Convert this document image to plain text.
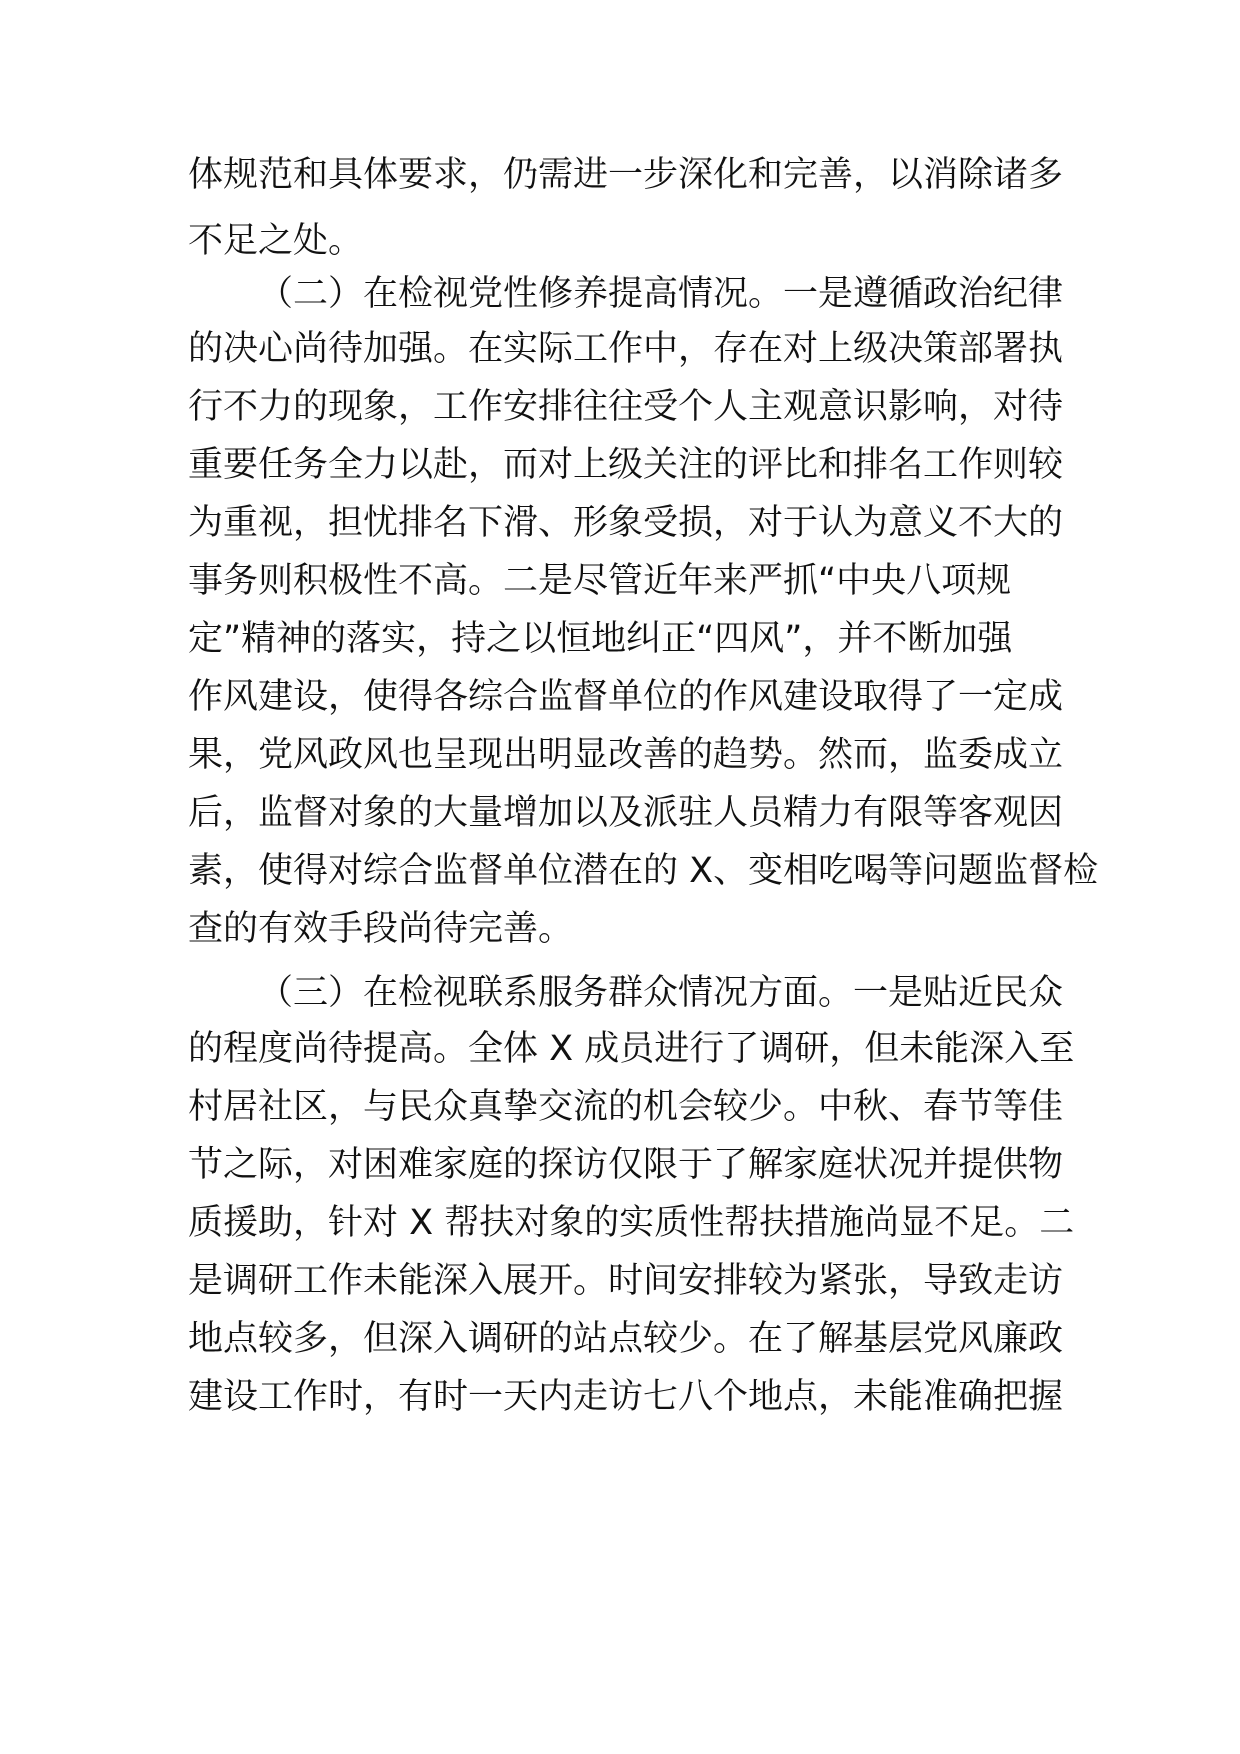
体规范和具体要求，仍需进一步深化和完善，以消除诸多
不足之处。
（二）在检视党性修养提高情况。一是遵循政治纪律
的决心尚待加强。在实际工作中，存在对上级决策部署执
行不力的现象，工作安排往往受个人主观意识影响，对待
重要任务全力以赴，而对上级关注的评比和排名工作则较
为重视，担忧排名下滑、形象受损，对于认为意义不大的
事务则积极性不高。二是尽管近年来严抓“中央八项规
定”精神的落实，持之以恒地纠正“四风”，并不断加强
作风建设，使得各综合监督单位的作风建设取得了一定成
果，党风政风也呈现出明显改善的趋势。然而，监委成立
后，监督对象的大量增加以及派驻人员精力有限等客观因
素，使得对综合监督单位潜在的 X、变相吃喝等问题监督检
查的有效手段尚待完善。
（三）在检视联系服务群众情况方面。一是贴近民众
的程度尚待提高。全体 X 成员进行了调研，但未能深入至
村居社区，与民众真挚交流的机会较少。中秋、春节等佳
节之际，对困难家庭的探访仅限于了解家庭状况并提供物
质援助，针对 X 帮扶对象的实质性帮扶措施尚显不足。二
是调研工作未能深入展开。时间安排较为紧张，导致走访
地点较多，但深入调研的站点较少。在了解基层党风廉政
建设工作时，有时一天内走访七八个地点，未能准确把握
